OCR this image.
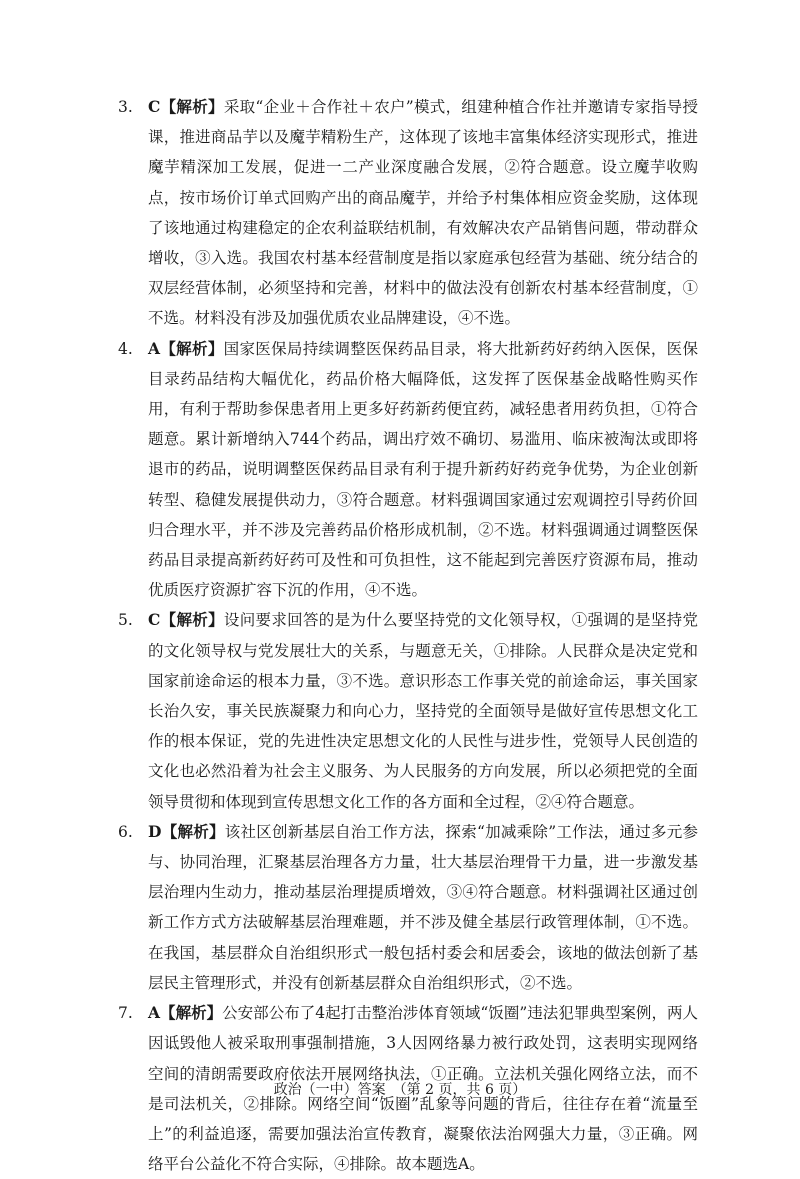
3. C【解析】采取“企业＋合作社＋农户”模式，组建种植合作社并邀请专家指导授课，推进商品芋以及魔芋精粉生产，这体现了该地丰富集体经济实现形式，推进魔芋精深加工发展，促进一二产业深度融合发展，②符合题意。设立魔芋收购点，按市场价订单式回购产出的商品魔芋，并给予村集体相应资金奖励，这体现了该地通过构建稳定的企农利益联结机制，有效解决农产品销售问题，带动群众增收，③入选。我国农村基本经营制度是指以家庭承包经营为基础、统分结合的双层经营体制，必须坚持和完善，材料中的做法没有创新农村基本经营制度，①不选。材料没有涉及加强优质农业品牌建设，④不选。
4. A【解析】国家医保局持续调整医保药品目录，将大批新药好药纳入医保，医保目录药品结构大幅优化，药品价格大幅降低，这发挥了医保基金战略性购买作用，有利于帮助参保患者用上更多好药新药便宜药，减轻患者用药负担，①符合题意。累计新增纳入744个药品，调出疗效不确切、易滥用、临床被淘汰或即将退市的药品，说明调整医保药品目录有利于提升新药好药竞争优势，为企业创新转型、稳健发展提供动力，③符合题意。材料强调国家通过宏观调控引导药价回归合理水平，并不涉及完善药品价格形成机制，②不选。材料强调通过调整医保药品目录提高新药好药可及性和可负担性，这不能起到完善医疗资源布局，推动优质医疗资源扩容下沉的作用，④不选。
5. C【解析】设问要求回答的是为什么要坚持党的文化领导权，①强调的是坚持党的文化领导权与党发展壮大的关系，与题意无关，①排除。人民群众是决定党和国家前途命运的根本力量，③不选。意识形态工作事关党的前途命运，事关国家长治久安，事关民族凝聚力和向心力，坚持党的全面领导是做好宣传思想文化工作的根本保证，党的先进性决定思想文化的人民性与进步性，党领导人民创造的文化也必然沿着为社会主义服务、为人民服务的方向发展，所以必须把党的全面领导贯彻和体现到宣传思想文化工作的各方面和全过程，②④符合题意。
6. D【解析】该社区创新基层自治工作方法，探索“加减乘除”工作法，通过多元参与、协同治理，汇聚基层治理各方力量，壮大基层治理骨干力量，进一步激发基层治理内生动力，推动基层治理提质增效，③④符合题意。材料强调社区通过创新工作方式方法破解基层治理难题，并不涉及健全基层行政管理体制，①不选。在我国，基层群众自治组织形式一般包括村委会和居委会，该地的做法创新了基层民主管理形式，并没有创新基层群众自治组织形式，②不选。
7. A【解析】公安部公布了4起打击整治涉体育领域“饭圈”违法犯罪典型案例，两人因诋毁他人被采取刑事强制措施，3人因网络暴力被行政处罚，这表明实现网络空间的清朗需要政府依法开展网络执法，①正确。立法机关强化网络立法，而不是司法机关，②排除。网络空间“饭圈”乱象等问题的背后，往往存在着“流量至上”的利益追逐，需要加强法治宣传教育，凝聚依法治网强大力量，③正确。网络平台公益化不符合实际，④排除。故本题选A。
政治（一中）答案　（第 2 页，共 6 页）
